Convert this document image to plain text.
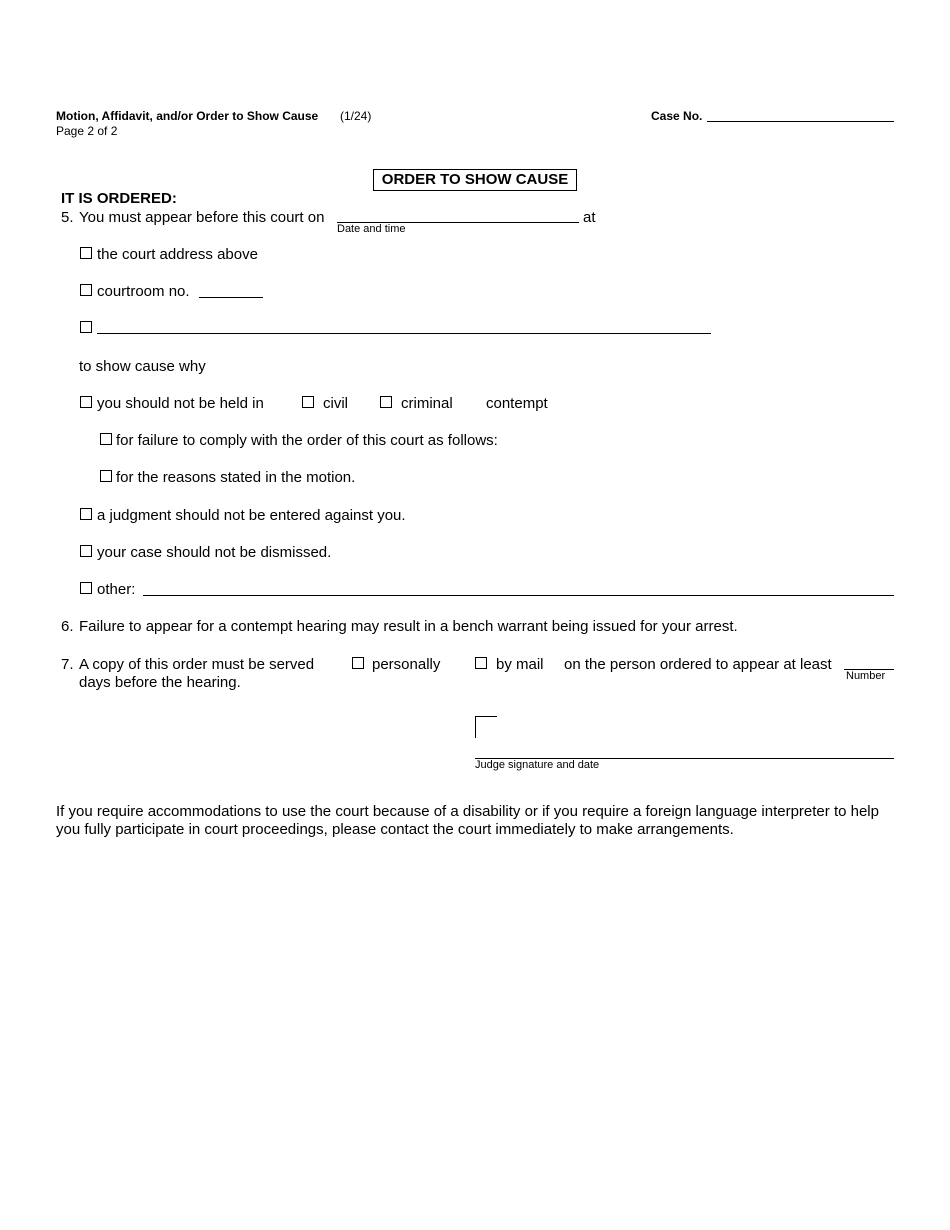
Motion, Affidavit, and/or Order to Show Cause (1/24)
Page 2 of 2
Case No.
ORDER TO SHOW CAUSE
IT IS ORDERED:
5. You must appear before this court on
Date and time
at
the court address above
courtroom no.
to show cause why
you should not be held in	civil	criminal contempt
for failure to comply with the order of this court as follows:
for the reasons stated in the motion.
a judgment should not be entered against you.
your case should not be dismissed.
other:
6. Failure to appear for a contempt hearing may result in a bench warrant being issued for your arrest.
7. A copy of this order must be served	personally	by mail on the person ordered to appear at least
Number
days before the hearing.
Judge signature and date
If you require accommodations to use the court because of a disability or if you require a foreign language interpreter to help you fully participate in court proceedings, please contact the court immediately to make arrangements.
